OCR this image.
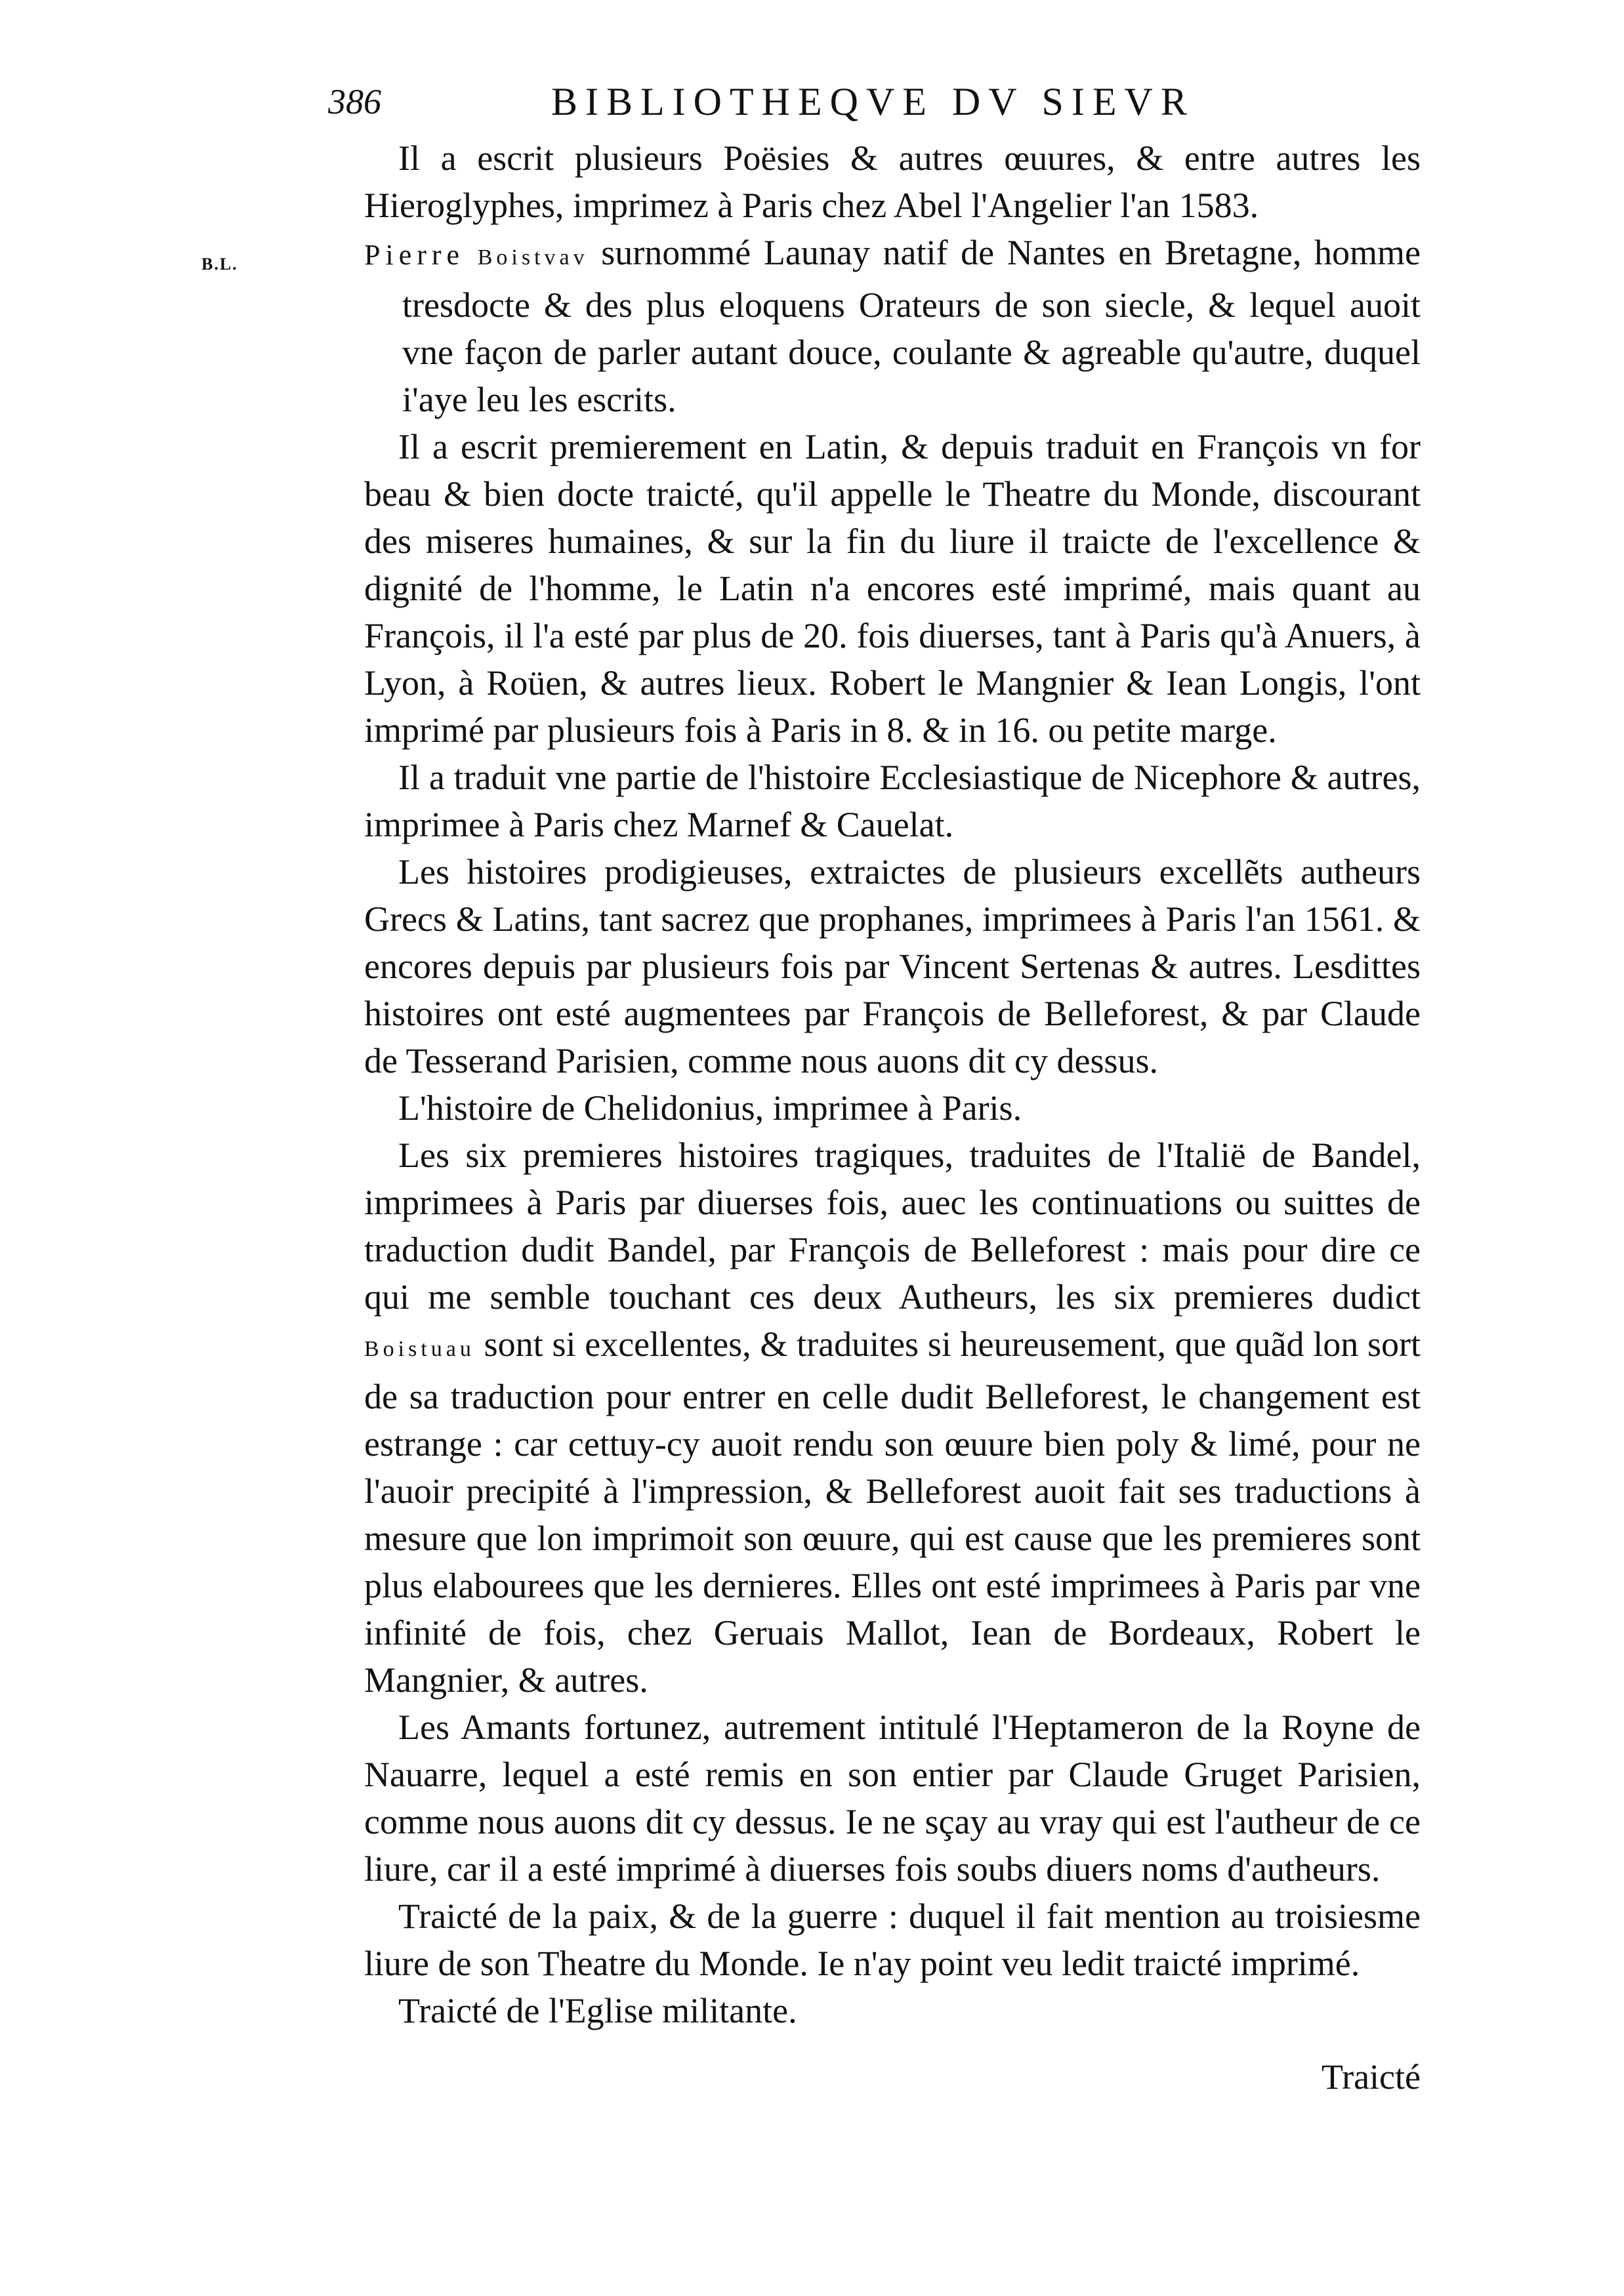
386	BIBLIOTHEQVE DV SIEVR

Il a escrit plusieurs Poësies & autres œuures, & entre autres les Hieroglyphes, imprimez à Paris chez Abel l'Angelier l'an 1583.

B.L.	Pierre Boistvav surnommé Launay natif de Nantes en Bretagne, homme tresdocte & des plus eloquens Orateurs de son siecle, & lequel auoit vne façon de parler autant douce, coulante & agreable qu'autre, duquel i'aye leu les escrits.

Il a escrit premierement en Latin, & depuis traduit en François vn for beau & bien docte traicté, qu'il appelle le Theatre du Monde, discourant des miseres humaines, & sur la fin du liure il traicte de l'excellence & dignité de l'homme, le Latin n'a encores esté imprimé, mais quant au François, il l'a esté par plus de 20. fois diuerses, tant à Paris qu'à Anuers, à Lyon, à Roüen, & autres lieux. Robert le Mangnier & Iean Longis, l'ont imprimé par plusieurs fois à Paris in 8. & in 16. ou petite marge.

Il a traduit vne partie de l'histoire Ecclesiastique de Nicephore & autres, imprimee à Paris chez Marnef & Cauelat.

Les histoires prodigieuses, extraictes de plusieurs excellẽts autheurs Grecs & Latins, tant sacrez que prophanes, imprimees à Paris l'an 1561. & encores depuis par plusieurs fois par Vincent Sertenas & autres. Lesdittes histoires ont esté augmentees par François de Belleforest, & par Claude de Tesserand Parisien, comme nous auons dit cy dessus.

L'histoire de Chelidonius, imprimee à Paris.

Les six premieres histoires tragiques, traduites de l'Italië de Bandel, imprimees à Paris par diuerses fois, auec les continuations ou suittes de traduction dudit Bandel, par François de Belleforest : mais pour dire ce qui me semble touchant ces deux Autheurs, les six premieres dudict Boistuau sont si excellentes, & traduites si heureusement, que quãd lon sort de sa traduction pour entrer en celle dudit Belleforest, le changement est estrange : car cettuy-cy auoit rendu son œuure bien poly & limé, pour ne l'auoir precipité à l'impression, & Belleforest auoit fait ses traductions à mesure que lon imprimoit son œuure, qui est cause que les premieres sont plus elabourees que les dernieres. Elles ont esté imprimees à Paris par vne infinité de fois, chez Geruais Mallot, Iean de Bordeaux, Robert le Mangnier, & autres.

Les Amants fortunez, autrement intitulé l'Heptameron de la Royne de Nauarre, lequel a esté remis en son entier par Claude Gruget Parisien, comme nous auons dit cy dessus. Ie ne sçay au vray qui est l'autheur de ce liure, car il a esté imprimé à diuerses fois soubs diuers noms d'autheurs.

Traicté de la paix, & de la guerre : duquel il fait mention au troisiesme liure de son Theatre du Monde. Ie n'ay point veu ledit traicté imprimé.

Traicté de l'Eglise militante.

Traicté
